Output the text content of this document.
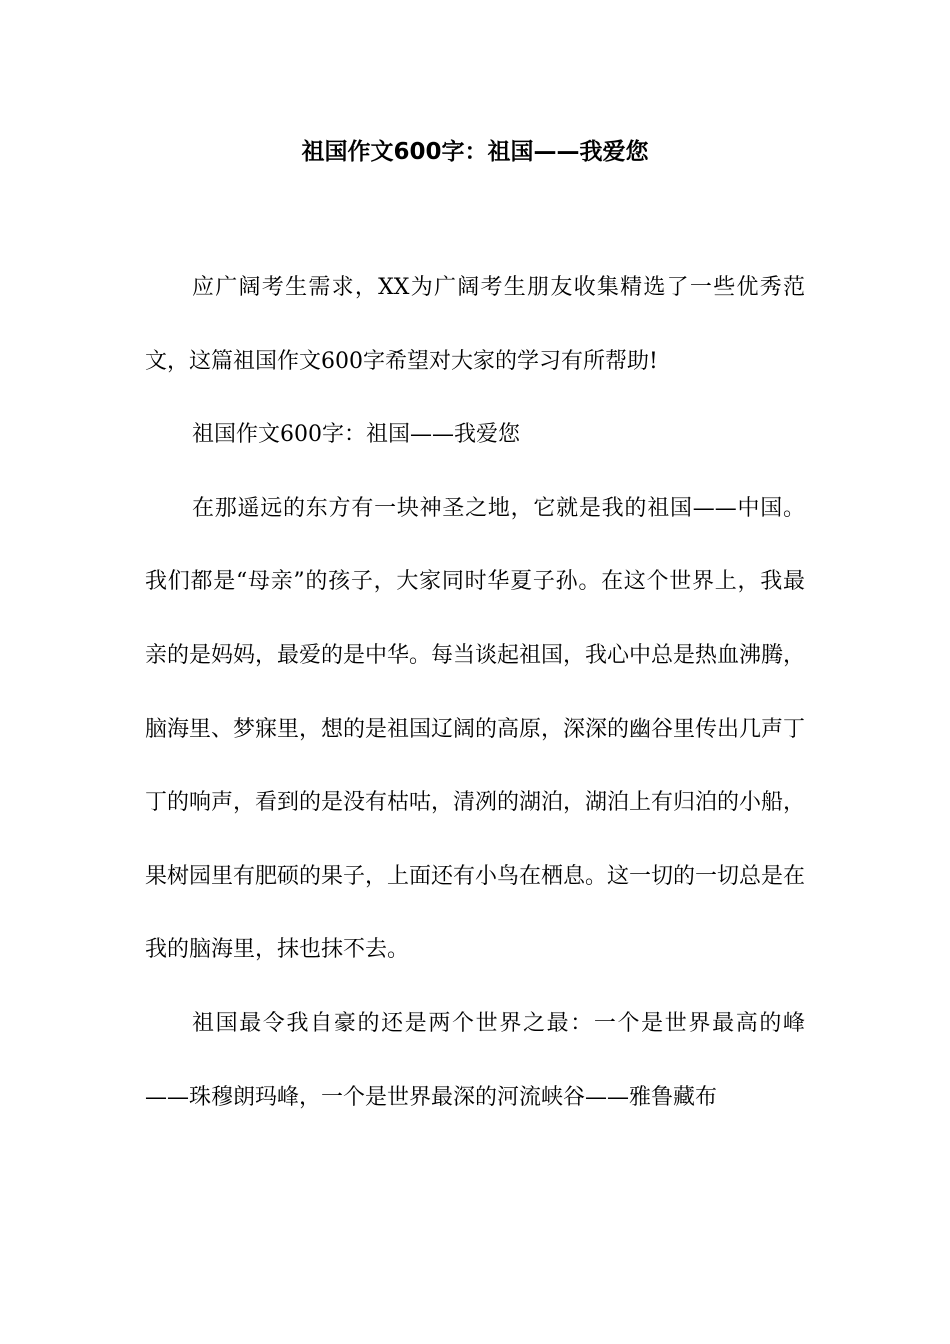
祖国作文600字：祖国——我爱您

应广阔考生需求，XX为广阔考生朋友收集精选了一些优秀范文，这篇祖国作文600字希望对大家的学习有所帮助!

祖国作文600字：祖国——我爱您

在那遥远的东方有一块神圣之地，它就是我的祖国——中国。我们都是“母亲”的孩子，大家同时华夏子孙。在这个世界上，我最亲的是妈妈，最爱的是中华。每当谈起祖国，我心中总是热血沸腾，脑海里、梦寐里，想的是祖国辽阔的高原，深深的幽谷里传出几声丁丁的响声，看到的是没有枯咕，清冽的湖泊，湖泊上有归泊的小船，果树园里有肥硕的果子，上面还有小鸟在栖息。这一切的一切总是在我的脑海里，抹也抹不去。

祖国最令我自豪的还是两个世界之最：一个是世界最高的峰——珠穆朗玛峰，一个是世界最深的河流峡谷——雅鲁藏布
